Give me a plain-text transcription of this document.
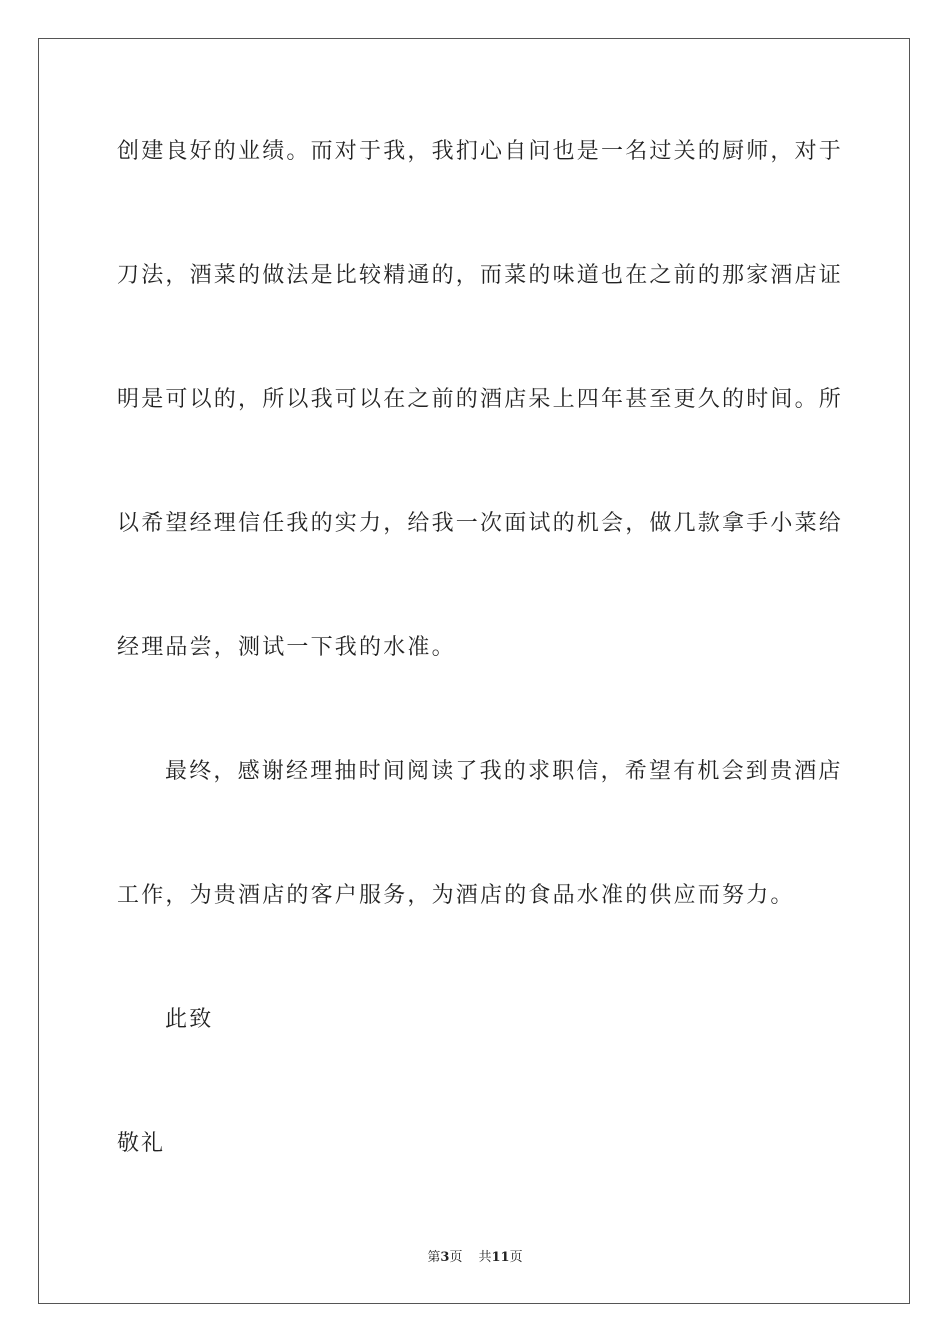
创建良好的业绩。而对于我，我扪心自问也是一名过关的厨师，对于
刀法，酒菜的做法是比较精通的，而菜的味道也在之前的那家酒店证
明是可以的，所以我可以在之前的酒店呆上四年甚至更久的时间。所
以希望经理信任我的实力，给我一次面试的机会，做几款拿手小菜给
经理品尝，测试一下我的水准。
最终，感谢经理抽时间阅读了我的求职信，希望有机会到贵酒店
工作，为贵酒店的客户服务，为酒店的食品水准的供应而努力。
此致
敬礼
第3页 共11页
